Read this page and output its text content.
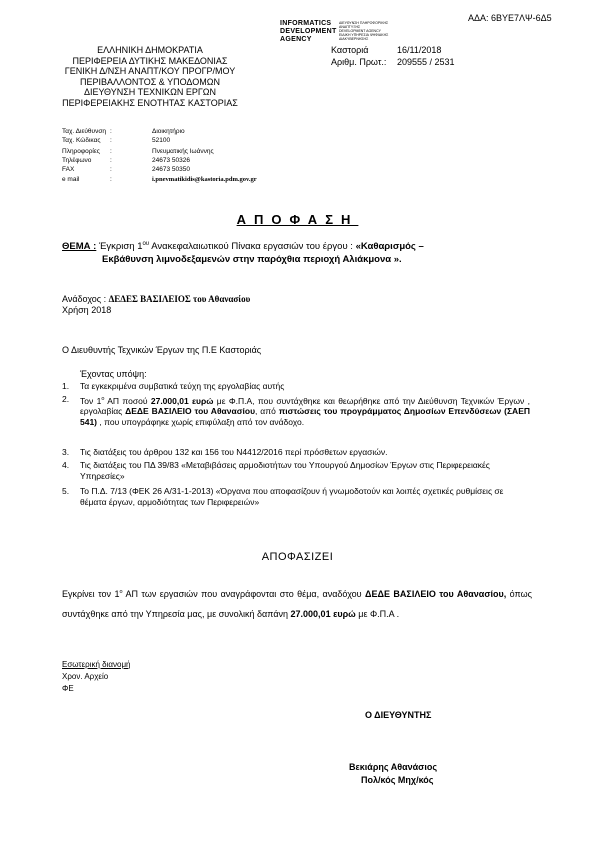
ΑΔΑ: 6ΒΥΕ7ΛΨ-6Δ5
INFORMATICS
DEVELOPMENT
AGENCY
ΔΙΕΥΘΥΝΣΗ ΠΛΗΡΟΦΟΡΙΚΗΣ
ΑΝΑΠΤΥΞΗΣ
DEVELOPMENT AGENCY
ΕΙΔΙΚΗ ΥΠΗΡΕΣΙΑ ΨΗΦΙΑΚΗΣ
ΔΙΑΚΥΒΕΡΝΗΣΗΣ
ΕΛΛΗΝΙΚΗ ΔΗΜΟΚΡΑΤΙΑ
ΠΕΡΙΦΕΡΕΙΑ ΔΥΤΙΚΗΣ ΜΑΚΕΔΟΝΙΑΣ
ΓΕΝΙΚΗ Δ/ΝΣΗ ΑΝΑΠΤ/ΚΟΥ ΠΡΟΓΡ/ΜΟΥ
ΠΕΡΙΒΑΛΛΟΝΤΟΣ & ΥΠΟΔΟΜΩΝ
ΔΙΕΥΘΥΝΣΗ ΤΕΧΝΙΚΩΝ ΕΡΓΩΝ
ΠΕΡΙΦΕΡΕΙΑΚΗΣ ΕΝΟΤΗΤΑΣ ΚΑΣΤΟΡΙΑΣ
Καστοριά	16/11/2018
Αριθμ. Πρωτ.: 209555 / 2531
Ταχ. Διεύθυνση :	Διοικητήριο
Ταχ. Κώδικας :	52100
Πληροφορίες :	Πνευματικής Ιωάννης
Τηλέφωνο	:	24673 50326
FAX	:	24673 50350
e mail	:	i.pnevmatikidis@kastoria.pdm.gov.gr
ΑΠΟΦΑΣΗ
ΘΕΜΑ : Έγκριση $1^{o\upsilon}$ Ανακεφαλαιωτικού Πίνακα εργασιών του έργου : «Καθαρισμός –
Εκβάθυνση λιμνοδεξαμενών στην παρόχθια περιοχή Αλιάκμονα ».
Ανάδοχος : ΔΕΔΕΣ ΒΑΣΙΛΕΙΟΣ του Αθανασίου
Χρήση 2018
Ο Διευθυντής Τεχνικών Έργων της Π.Ε Καστοριάς
Έχοντας υπόψη:
1. Τα εγκεκριμένα συμβατικά τεύχη της εργολαβίας αυτής
2. Τον $1^o$ ΑΠ ποσού 27.000,01 ευρώ με Φ.Π.Α, που συντάχθηκε και θεωρήθηκε από την Διεύθυνση Τεχνικών Έργων , εργολαβίας ΔΕΔΕ ΒΑΣΙΛΕΙΟ του Αθανασίου, από πιστώσεις του προγράμματος Δημοσίων Επενδύσεων (ΣΑΕΠ 541) , που υπογράφηκε χωρίς επιφύλαξη από τον ανάδοχο.
3. Τις διατάξεις του άρθρου 132 και 156 του Ν4412/2016 περί πρόσθετων εργασιών.
4. Τις διατάξεις του ΠΔ 39/83 «Μεταβιβάσεις αρμοδιοτήτων του Υπουργού Δημοσίων Έργων στις Περιφερειακές Υπηρεσίες»
5. Το Π.Δ. 7/13 (ΦΕΚ 26 Α/31-1-2013) «Όργανα που αποφασίζουν ή γνωμοδοτούν και λοιπές σχετικές ρυθμίσεις σε θέματα έργων, αρμοδιότητας των Περιφερειών»
ΑΠΟΦΑΣΙΖΕΙ
Εγκρίνει τον $1^o$ ΑΠ των εργασιών που αναγράφονται στο θέμα, αναδόχου ΔΕΔΕ ΒΑΣΙΛΕΙΟ του Αθανασίου, όπως συντάχθηκε από την Υπηρεσία μας, με συνολική δαπάνη 27.000,01 ευρώ με Φ.Π.Α .
Εσωτερική διανομή
Χρον. Αρχείο
ΦΕ
Ο ΔΙΕΥΘΥΝΤΗΣ
Βεκιάρης Αθανάσιος
Πολ/κός Μηχ/κός
